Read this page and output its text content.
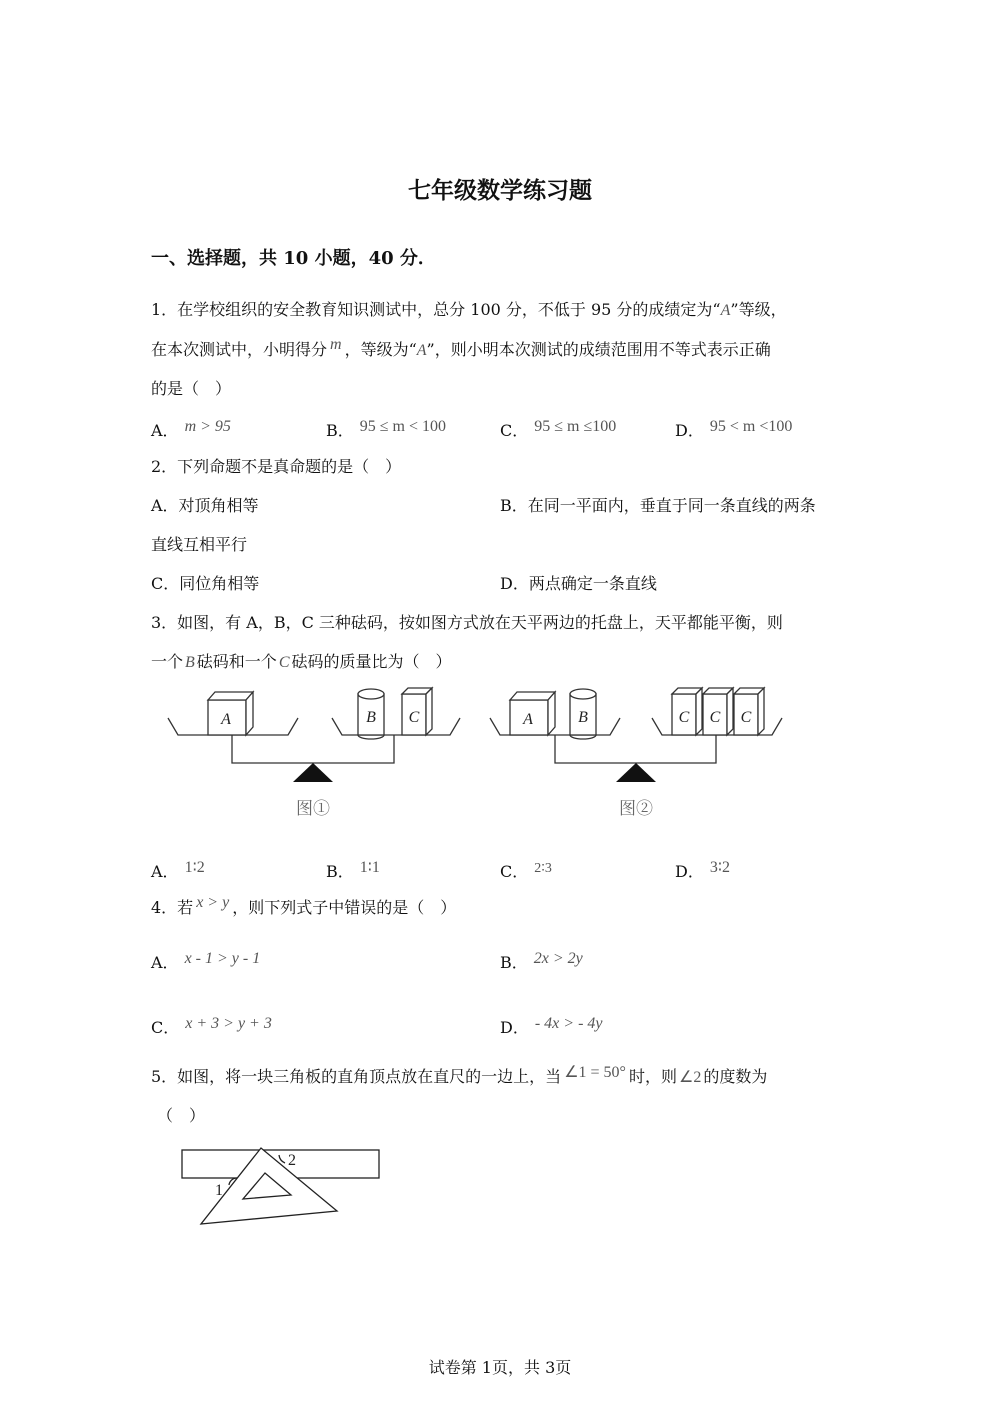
七年级数学练习题
一、选择题，共 10 小题，40 分．
1．在学校组织的安全教育知识测试中，总分 100 分，不低于 95 分的成绩定为“A”等级，
在本次测试中，小明得分 m ，等级为“A”，则小明本次测试的成绩范围用不等式表示正确
的是（　）
A． m > 95	B． 95 ≤ m < 100	C． 95 ≤ m ≤100	D． 95 < m <100
2．下列命题不是真命题的是（　）
A．对顶角相等	B．在同一平面内，垂直于同一条直线的两条
直线互相平行
C．同位角相等	D．两点确定一条直线
3．如图，有 A，B，C 三种砝码，按如图方式放在天平两边的托盘上，天平都能平衡，则
一个 B 砝码和一个 C 砝码的质量比为（　）
A	B C	A	B	C C C
图①	图②
A． 1∶2	B． 1∶1	C． 2∶3	D． 3∶2
4．若 x > y ，则下列式子中错误的是（　）
A． x - 1 > y - 1	B． 2x > 2y
C． x + 3 > y + 3	D． - 4x > - 4y
5．如图，将一块三角板的直角顶点放在直尺的一边上，当 ∠1 = 50° 时，则 ∠2 的度数为
（　）
1
2
试卷第 1页，共 3页
